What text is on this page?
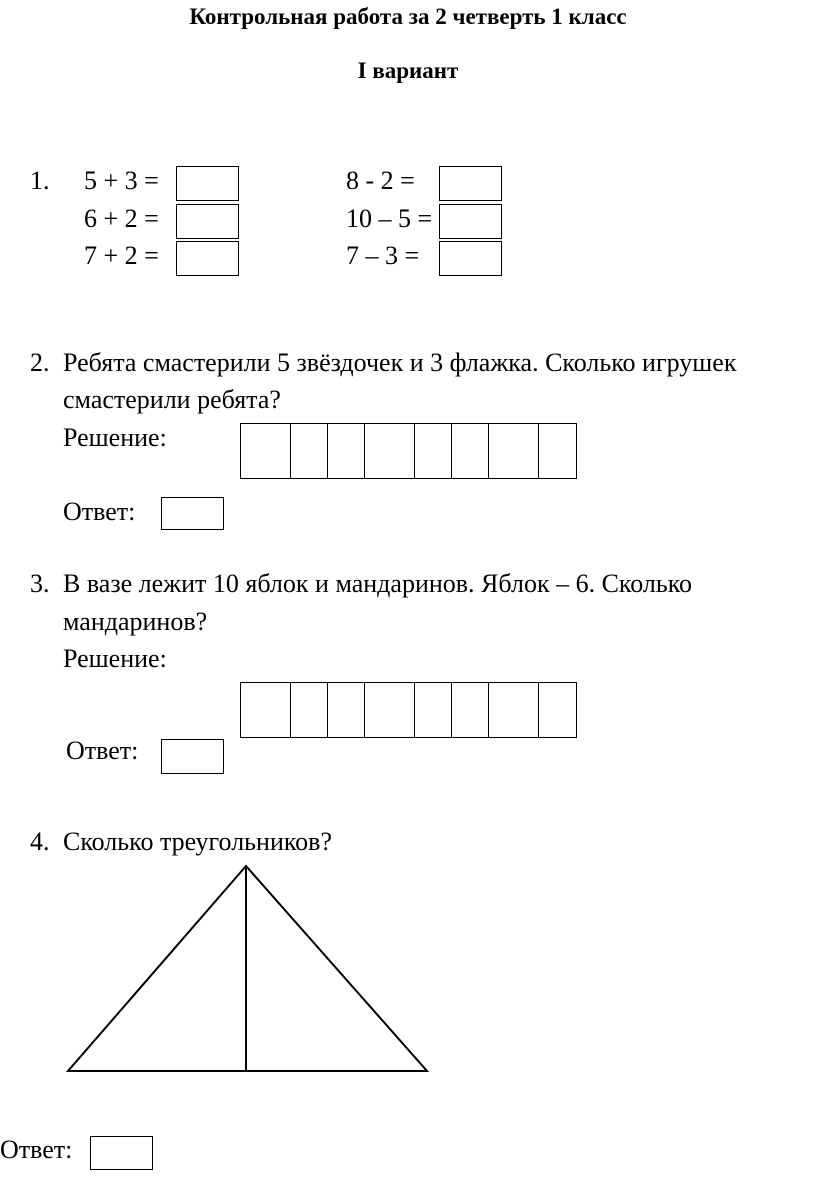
Контрольная работа за 2 четверть 1 класс
I вариант
1. 5 + 3 =
6 + 2 =
7 + 2 =
8 - 2 =
10 – 5 =
7 – 3 =
2. Ребята смастерили 5 звёздочек и 3 флажка. Сколько игрушек
смастерили ребята?
Решение:
Ответ:
3. В вазе лежит 10 яблок и мандаринов. Яблок – 6. Сколько
мандаринов?
Решение:
Ответ:
4. Сколько треугольников?
Ответ:
